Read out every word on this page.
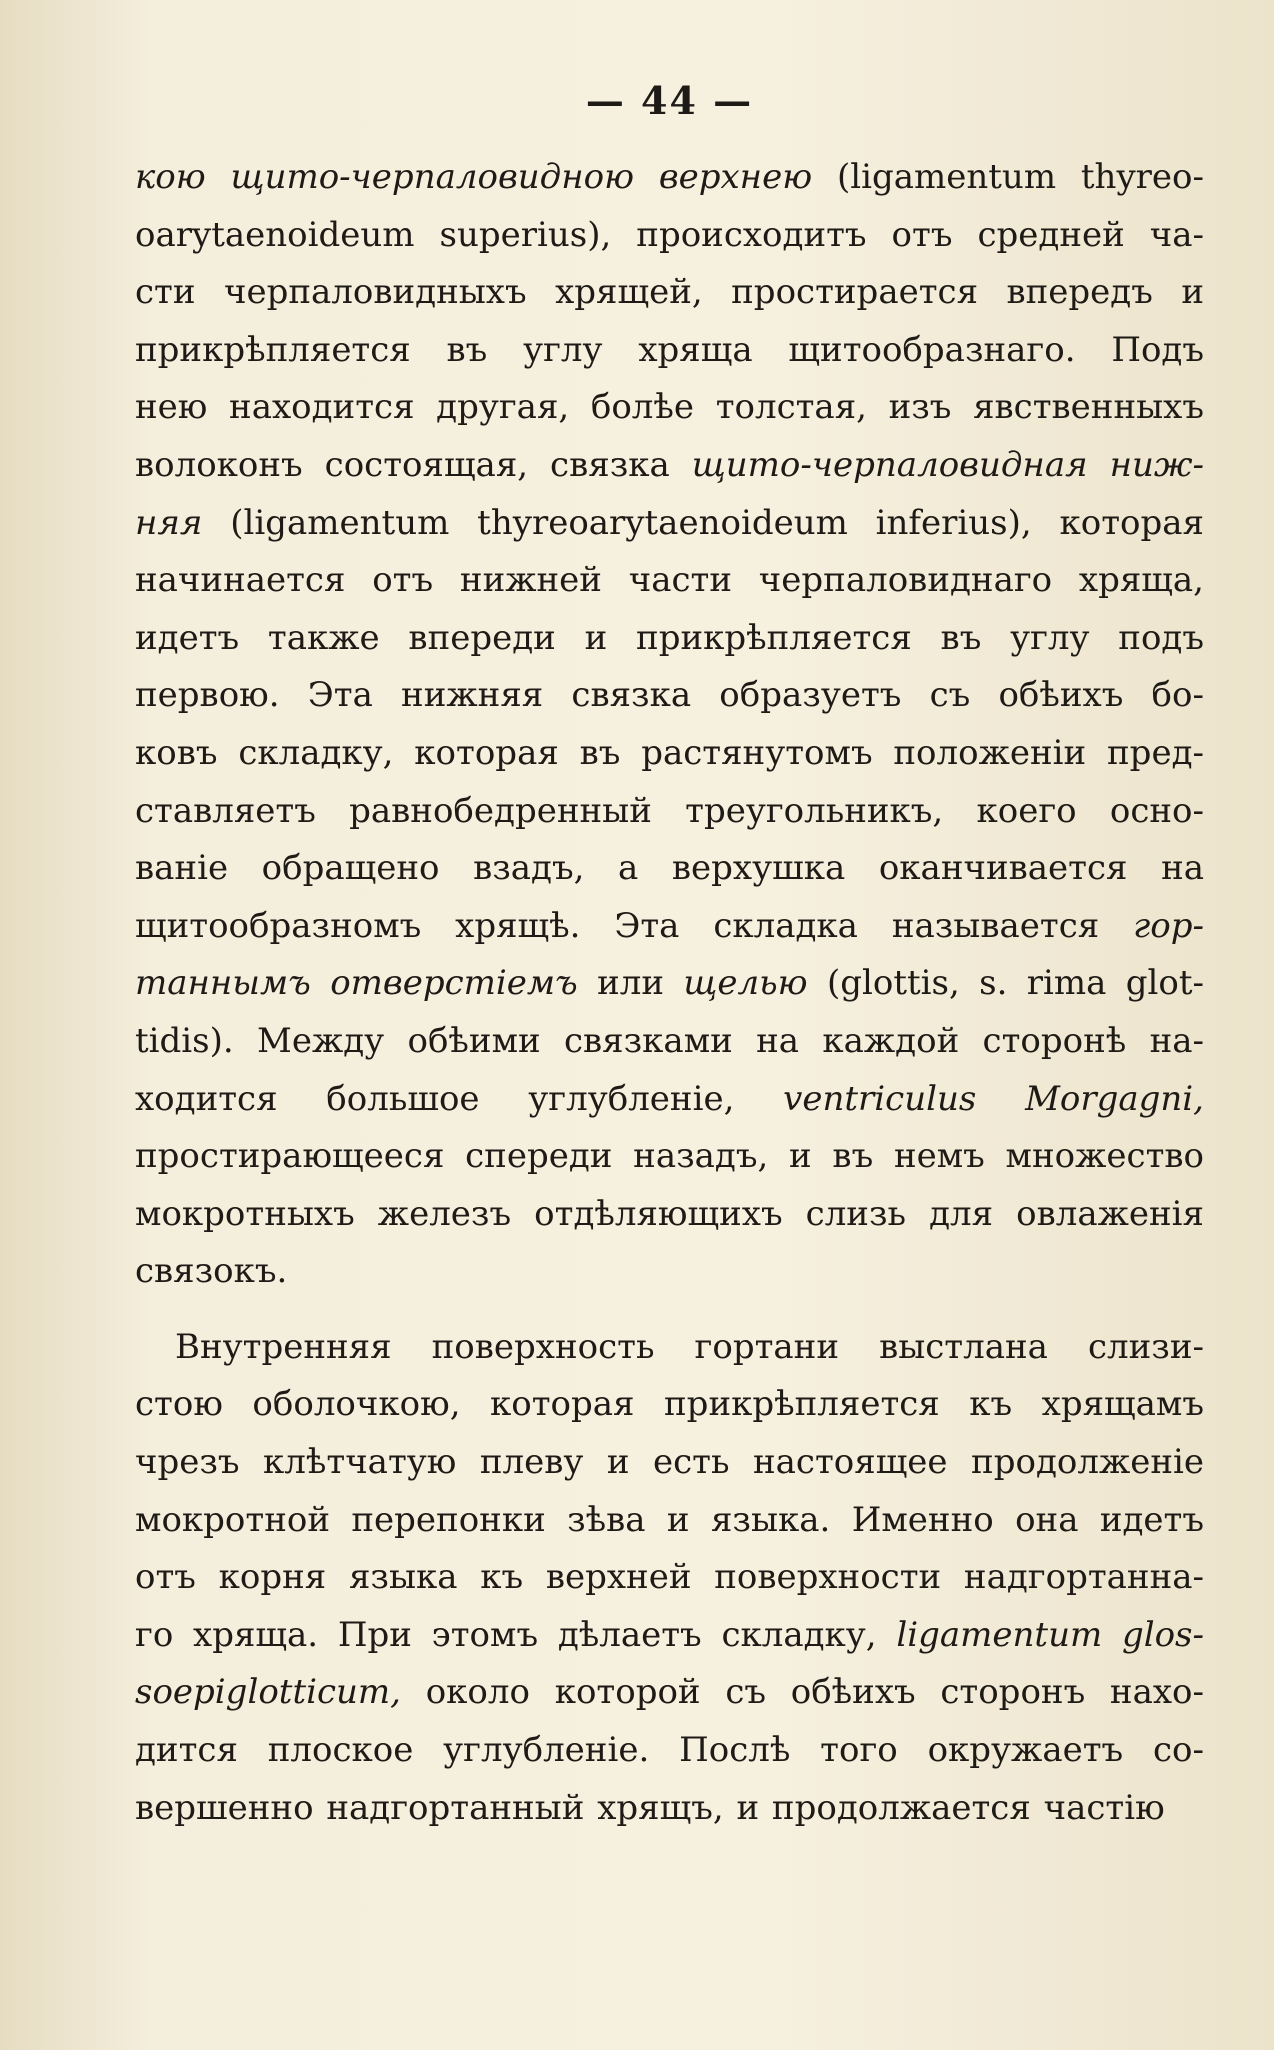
— 44 —

кою щито-черпаловидною верхнею (ligamentum thyreo-
oarytaenoideum superius), происходитъ отъ средней ча-
сти черпаловидныхъ хрящей, простирается впередъ и
прикрѣпляется въ углу хряща щитообразнаго. Подъ
нею находится другая, болѣе толстая, изъ явственныхъ
волоконъ состоящая, связка щито-черпаловидная ниж-
няя (ligamentum thyreoarytaenoideum inferius), которая
начинается отъ нижней части черпаловиднаго хряща,
идетъ также впереди и прикрѣпляется въ углу подъ
первою. Эта нижняя связка образуетъ съ обѣихъ бо-
ковъ складку, которая въ растянутомъ положеніи пред-
ставляетъ равнобедренный треугольникъ, коего осно-
ваніе обращено взадъ, а верхушка оканчивается на
щитообразномъ хрящѣ. Эта складка называется гор-
таннымъ отверстіемъ или щелью (glottis, s. rima glot-
tidis). Между обѣими связками на каждой сторонѣ на-
ходится большое углубленіе, ventriculus Morgagni,
простирающееся спереди назадъ, и въ немъ множество
мокротныхъ железъ отдѣляющихъ слизь для овлаженія
связокъ.

Внутренняя поверхность гортани выстлана слизи-
стою оболочкою, которая прикрѣпляется къ хрящамъ
чрезъ клѣтчатую плеву и есть настоящее продолженіе
мокротной перепонки зѣва и языка. Именно она идетъ
отъ корня языка къ верхней поверхности надгортанна-
го хряща. При этомъ дѣлаетъ складку, ligamentum glos-
soepiglotticum, около которой съ обѣихъ сторонъ нахо-
дится плоское углубленіе. Послѣ того окружаетъ со-
вершенно надгортанный хрящъ, и продолжается частію
